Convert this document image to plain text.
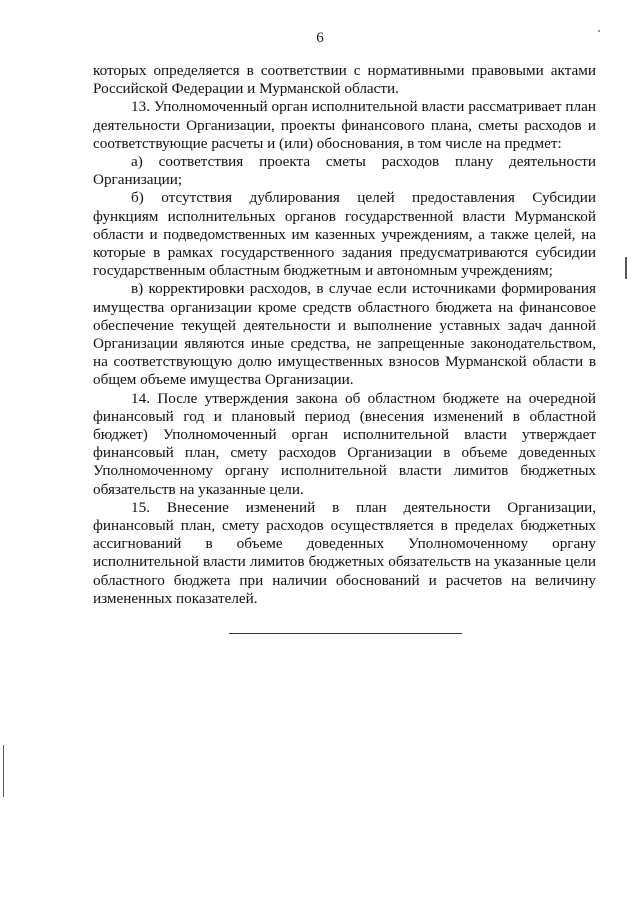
6

которых определяется в соответствии с нормативными правовыми актами Российской Федерации и Мурманской области.

13. Уполномоченный орган исполнительной власти рассматривает план деятельности Организации, проекты финансового плана, сметы расходов и соответствующие расчеты и (или) обоснования, в том числе на предмет:

а) соответствия проекта сметы расходов плану деятельности Организации;

б) отсутствия дублирования целей предоставления Субсидии функциям исполнительных органов государственной власти Мурманской области и подведомственных им казенных учреждениям, а также целей, на которые в рамках государственного задания предусматриваются субсидии государственным областным бюджетным и автономным учреждениям;

в) корректировки расходов, в случае если источниками формирования имущества организации кроме средств областного бюджета на финансовое обеспечение текущей деятельности и выполнение уставных задач данной Организации являются иные средства, не запрещенные законодательством, на соответствующую долю имущественных взносов Мурманской области в общем объеме имущества Организации.

14. После утверждения закона об областном бюджете на очередной финансовый год и плановый период (внесения изменений в областной бюджет) Уполномоченный орган исполнительной власти утверждает финансовый план, смету расходов Организации в объеме доведенных Уполномоченному органу исполнительной власти лимитов бюджетных обязательств на указанные цели.

15. Внесение изменений в план деятельности Организации, финансовый план, смету расходов осуществляется в пределах бюджетных ассигнований в объеме доведенных Уполномоченному органу исполнительной власти лимитов бюджетных обязательств на указанные цели областного бюджета при наличии обоснований и расчетов на величину измененных показателей.
